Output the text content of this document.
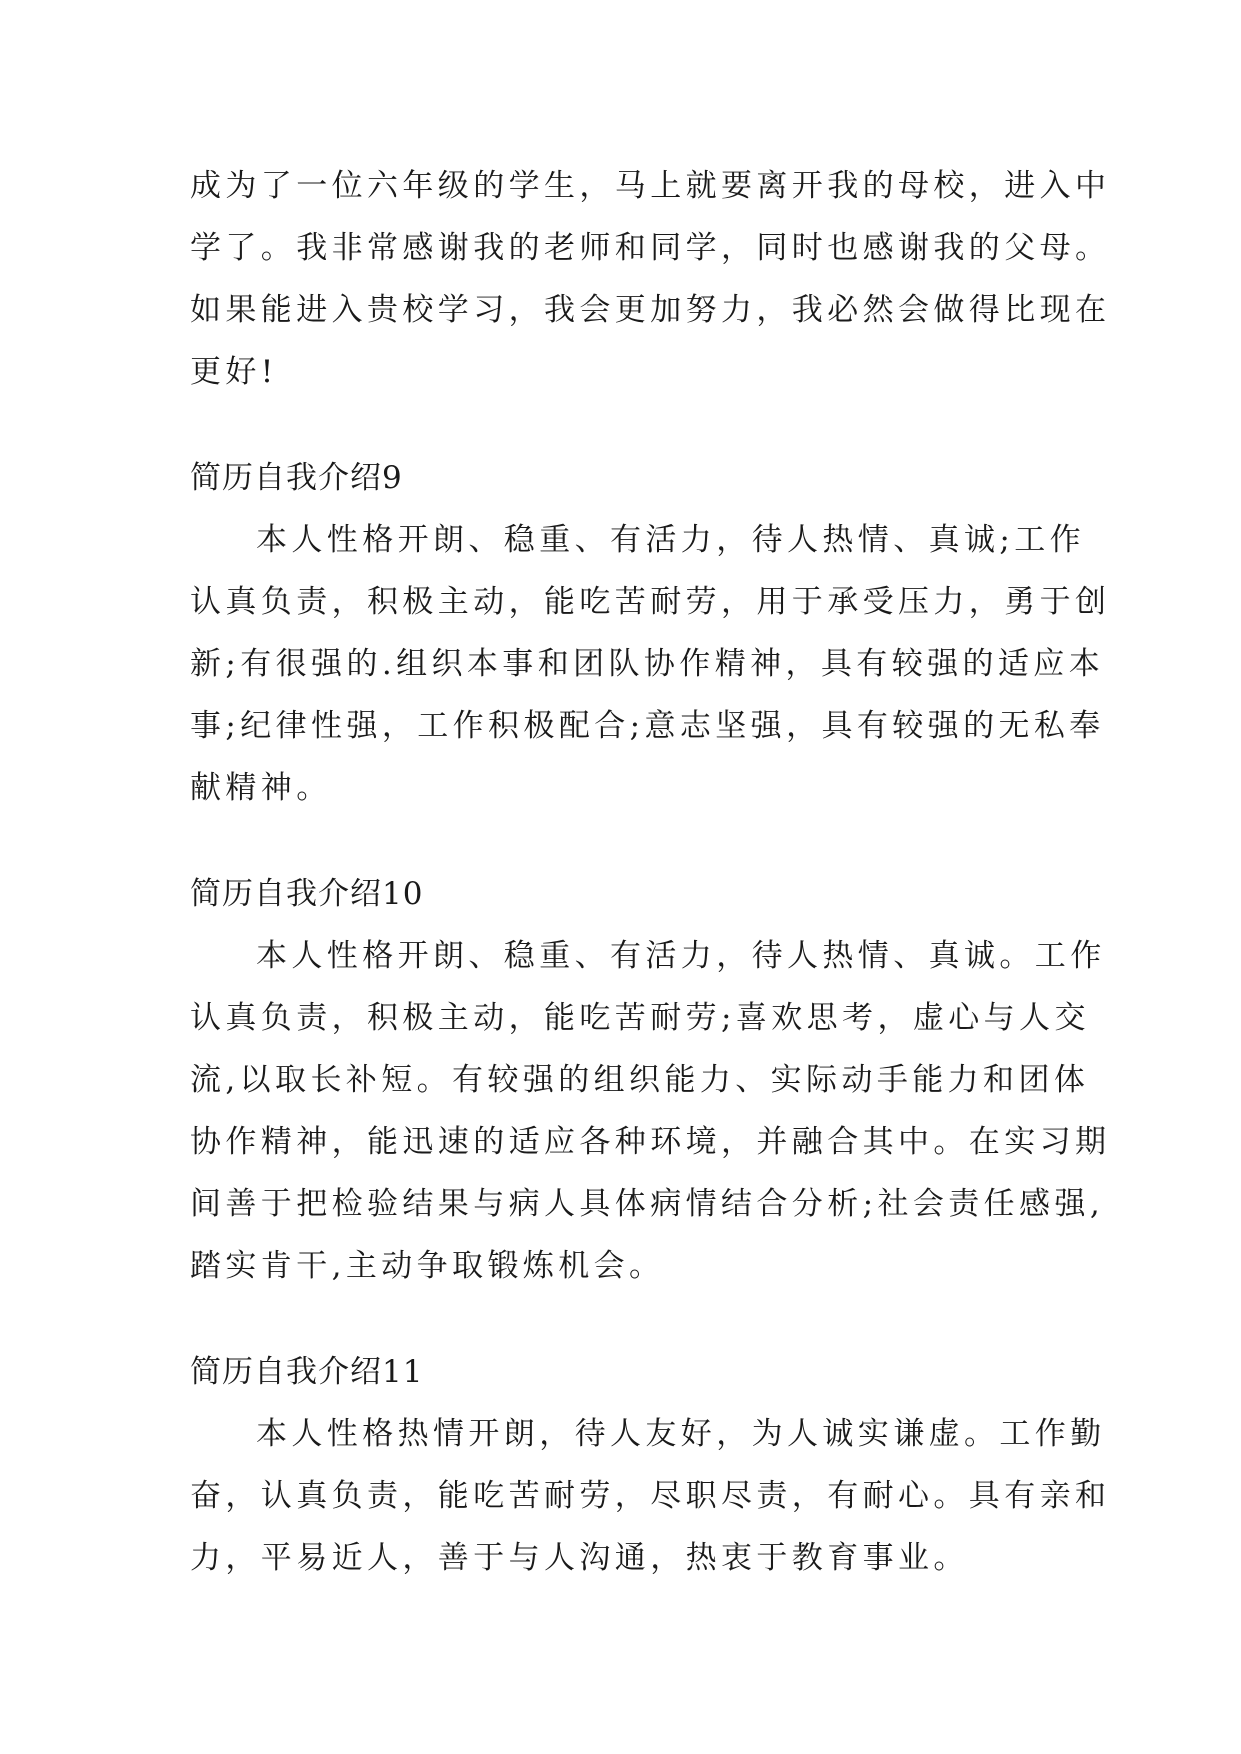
成为了一位六年级的学生，马上就要离开我的母校，进入中
学了。我非常感谢我的老师和同学，同时也感谢我的父母。
如果能进入贵校学习，我会更加努力，我必然会做得比现在
更好!
简历自我介绍9
本人性格开朗、稳重、有活力，待人热情、真诚;工作
认真负责，积极主动，能吃苦耐劳，用于承受压力，勇于创
新;有很强的.组织本事和团队协作精神，具有较强的适应本
事;纪律性强，工作积极配合;意志坚强，具有较强的无私奉
献精神。
简历自我介绍10
本人性格开朗、稳重、有活力，待人热情、真诚。工作
认真负责，积极主动，能吃苦耐劳;喜欢思考，虚心与人交
流,以取长补短。有较强的组织能力、实际动手能力和团体
协作精神，能迅速的适应各种环境，并融合其中。在实习期
间善于把检验结果与病人具体病情结合分析;社会责任感强,
踏实肯干,主动争取锻炼机会。
简历自我介绍11
本人性格热情开朗，待人友好，为人诚实谦虚。工作勤
奋，认真负责，能吃苦耐劳，尽职尽责，有耐心。具有亲和
力，平易近人，善于与人沟通，热衷于教育事业。
